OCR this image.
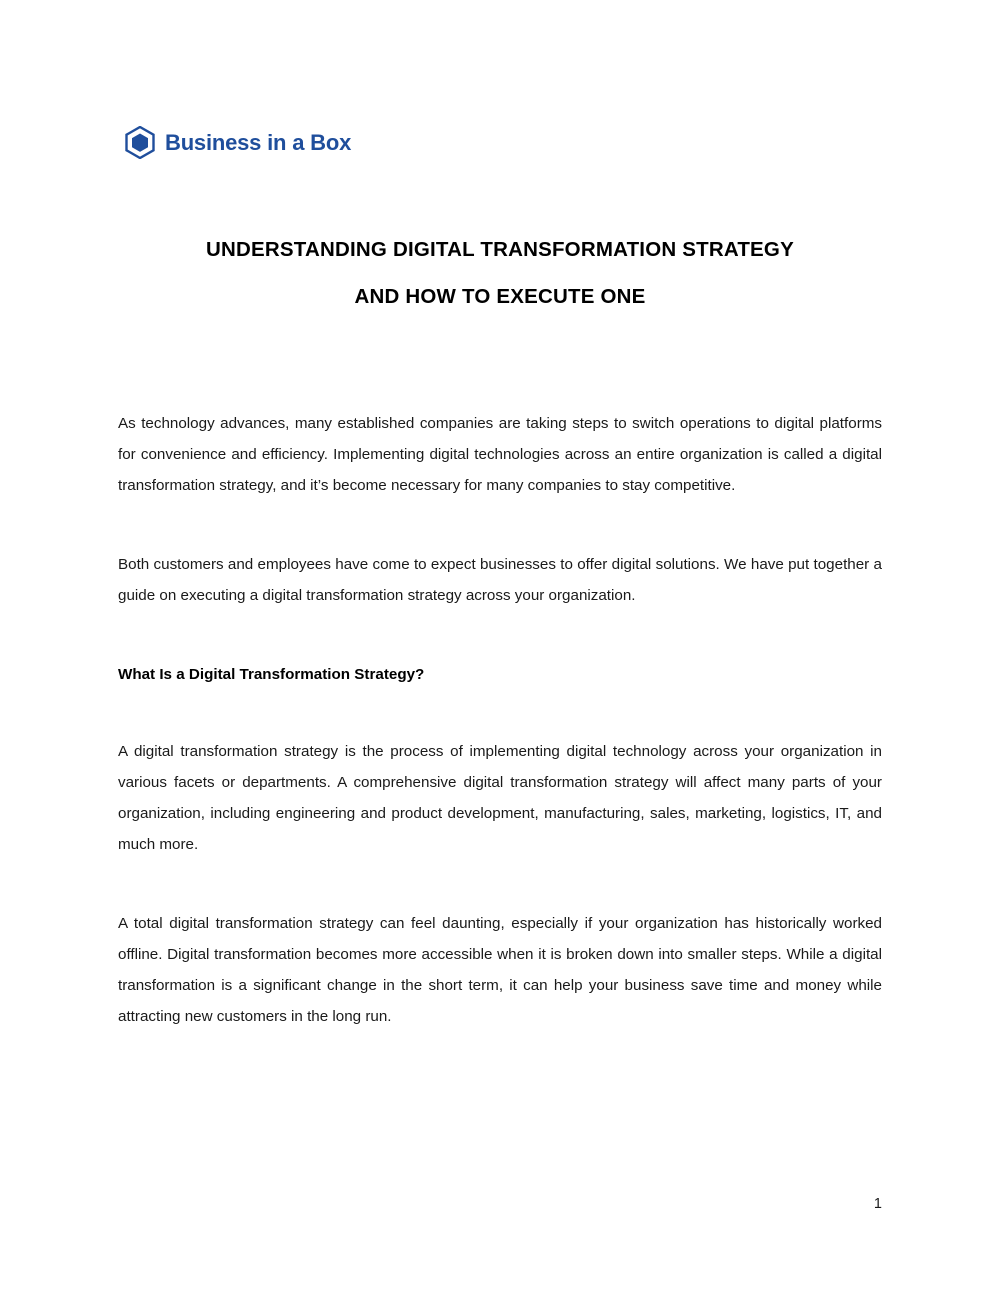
Business in a Box
UNDERSTANDING DIGITAL TRANSFORMATION STRATEGY
AND HOW TO EXECUTE ONE

As technology advances, many established companies are taking steps to switch operations to digital platforms for convenience and efficiency. Implementing digital technologies across an entire organization is called a digital transformation strategy, and it’s become necessary for many companies to stay competitive.

Both customers and employees have come to expect businesses to offer digital solutions. We have put together a guide on executing a digital transformation strategy across your organization.

What Is a Digital Transformation Strategy?

A digital transformation strategy is the process of implementing digital technology across your organization in various facets or departments. A comprehensive digital transformation strategy will affect many parts of your organization, including engineering and product development, manufacturing, sales, marketing, logistics, IT, and much more.

A total digital transformation strategy can feel daunting, especially if your organization has historically worked offline. Digital transformation becomes more accessible when it is broken down into smaller steps. While a digital transformation is a significant change in the short term, it can help your business save time and money while attracting new customers in the long run.

1
